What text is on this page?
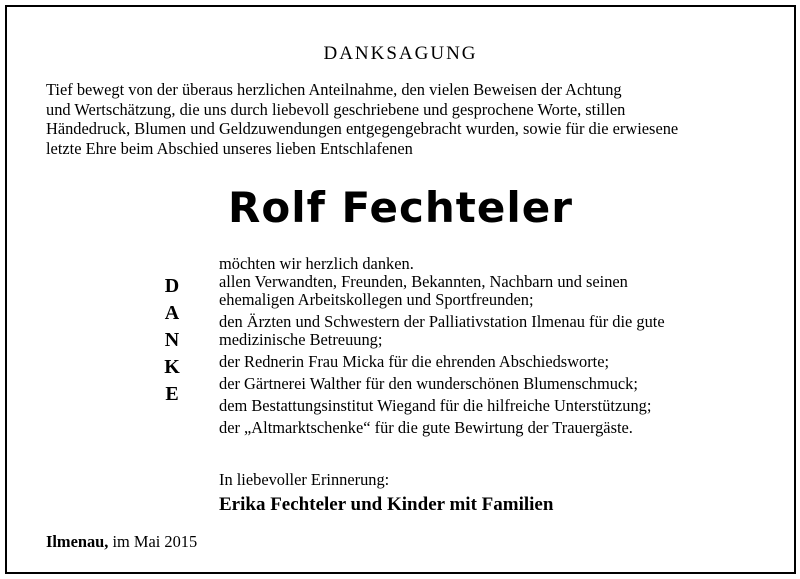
DANKSAGUNG
Tief bewegt von der überaus herzlichen Anteilnahme, den vielen Beweisen der Achtung
und Wertschätzung, die uns durch liebevoll geschriebene und gesprochene Worte, stillen
Händedruck, Blumen und Geldzuwendungen entgegengebracht wurden, sowie für die erwiesene
letzte Ehre beim Abschied unseres lieben Entschlafenen
Rolf Fechteler
D
A
N
K
E
möchten wir herzlich danken.
allen Verwandten, Freunden, Bekannten, Nachbarn und seinen
ehemaligen Arbeitskollegen und Sportfreunden;
den Ärzten und Schwestern der Palliativstation Ilmenau für die gute
medizinische Betreuung;
der Rednerin Frau Micka für die ehrenden Abschiedsworte;
der Gärtnerei Walther für den wunderschönen Blumenschmuck;
dem Bestattungsinstitut Wiegand für die hilfreiche Unterstützung;
der „Altmarktschenke“ für die gute Bewirtung der Trauergäste.
In liebevoller Erinnerung:
Erika Fechteler und Kinder mit Familien
Ilmenau, im Mai 2015
